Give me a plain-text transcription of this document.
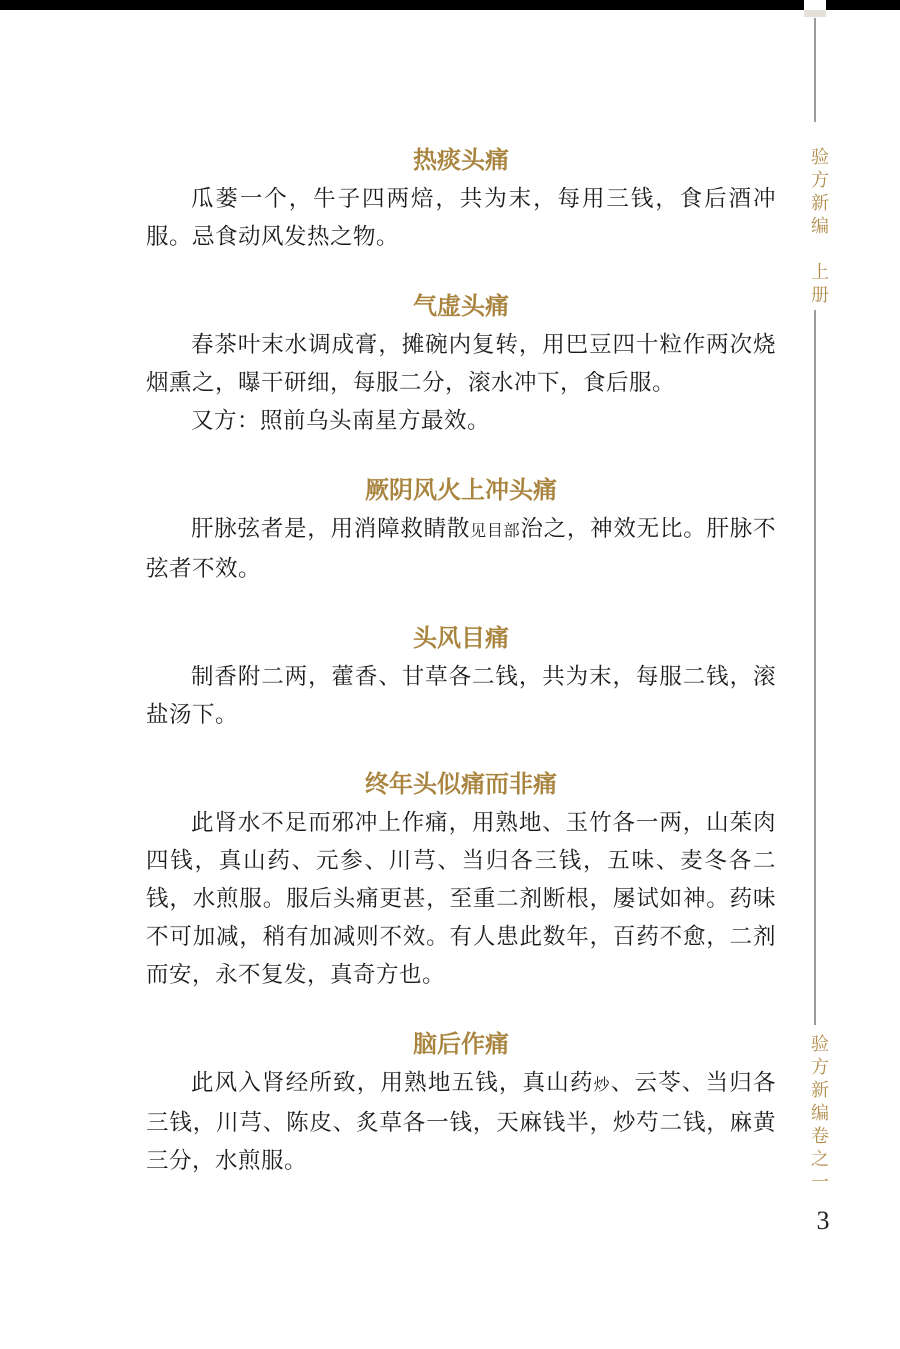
验
方
新
编
上
册
验
方
新
编
卷
之
一
3
热痰头痛

瓜蒌一个，牛子四两焙，共为末，每用三钱，食后酒冲服。忌食动风发热之物。

气虚头痛

春茶叶末水调成膏，摊碗内复转，用巴豆四十粒作两次烧烟熏之，曝干研细，每服二分，滚水冲下，食后服。

又方：照前乌头南星方最效。

厥阴风火上冲头痛

肝脉弦者是，用消障救睛散见目部治之，神效无比。肝脉不弦者不效。

头风目痛

制香附二两，藿香、甘草各二钱，共为末，每服二钱，滚盐汤下。

终年头似痛而非痛

此肾水不足而邪冲上作痛，用熟地、玉竹各一两，山茱肉四钱，真山药、元参、川芎、当归各三钱，五味、麦冬各二钱，水煎服。服后头痛更甚，至重二剂断根，屡试如神。药味不可加减，稍有加减则不效。有人患此数年，百药不愈，二剂而安，永不复发，真奇方也。

脑后作痛

此风入肾经所致，用熟地五钱，真山药炒、云苓、当归各三钱，川芎、陈皮、炙草各一钱，天麻钱半，炒芍二钱，麻黄三分，水煎服。
